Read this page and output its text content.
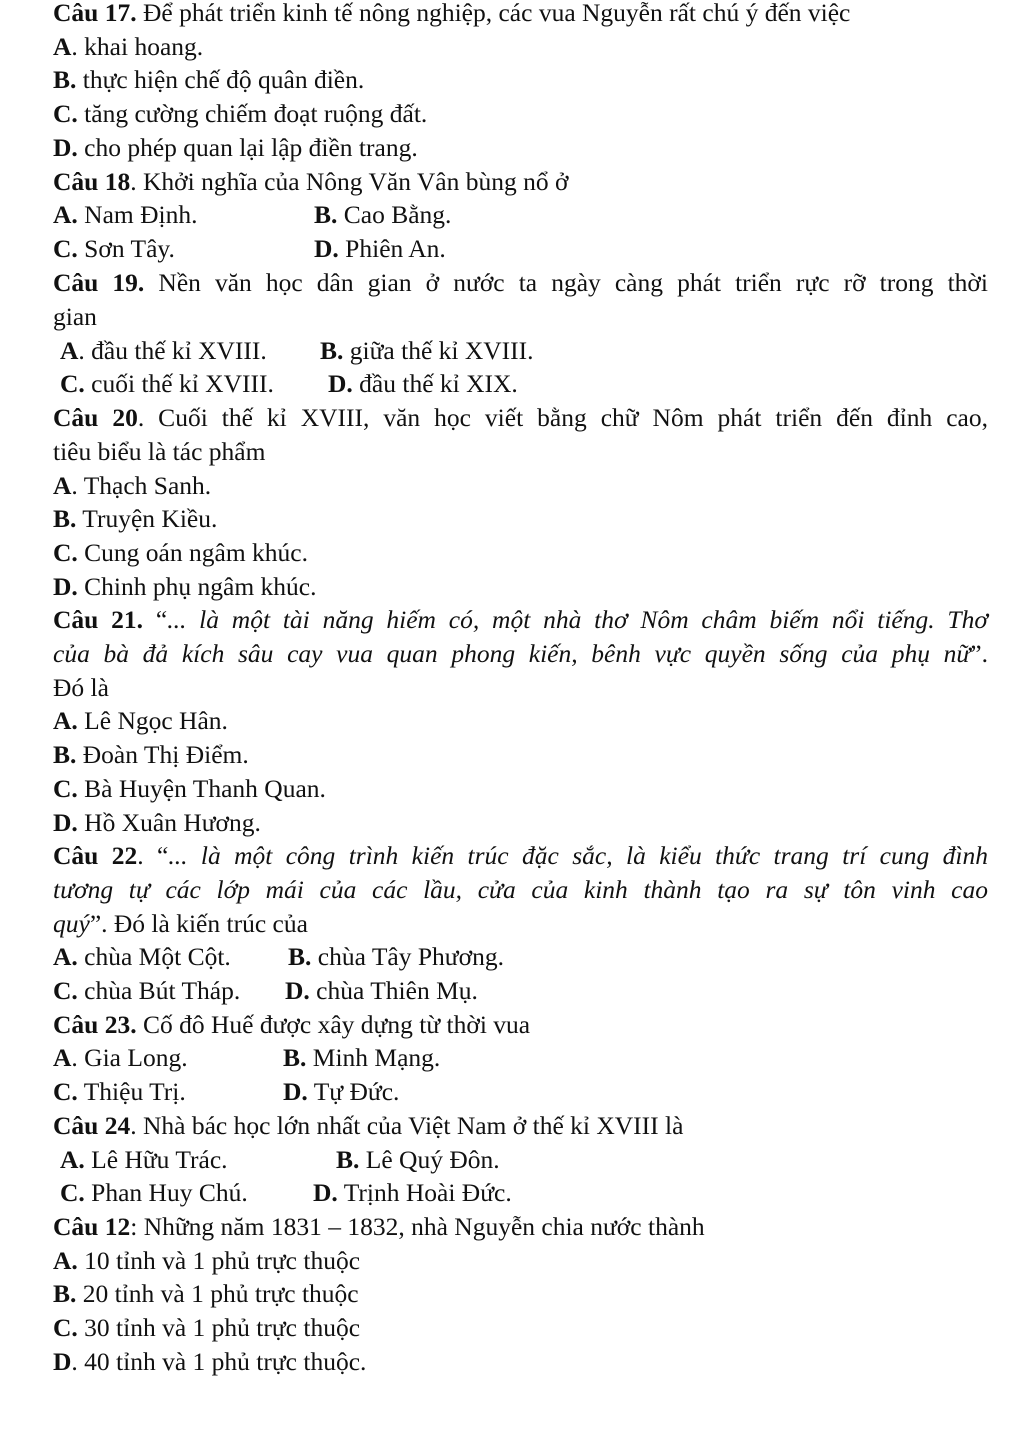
Câu 17. Để phát triển kinh tế nông nghiệp, các vua Nguyễn rất chú ý đến việc
A. khai hoang.
B. thực hiện chế độ quân điền.
C. tăng cường chiếm đoạt ruộng đất.
D. cho phép quan lại lập điền trang.
Câu 18. Khởi nghĩa của Nông Văn Vân bùng nổ ở
A. Nam Định.	B. Cao Bằng.
C. Sơn Tây.	D. Phiên An.
Câu 19. Nền văn học dân gian ở nước ta ngày càng phát triển rực rỡ trong thời
gian
A. đầu thế kỉ XVIII. B. giữa thế kỉ XVIII.
C. cuối thế kỉ XVIII. D. đầu thế kỉ XIX.
Câu 20. Cuối thế kỉ XVIII, văn học viết bằng chữ Nôm phát triển đến đỉnh cao,
tiêu biểu là tác phẩm
A. Thạch Sanh.
B. Truyện Kiều.
C. Cung oán ngâm khúc.
D. Chinh phụ ngâm khúc.
Câu 21. “... là một tài năng hiếm có, một nhà thơ Nôm châm biếm nổi tiếng. Thơ
của bà đả kích sâu cay vua quan phong kiến, bênh vực quyền sống của phụ nữ”.
Đó là
A. Lê Ngọc Hân.
B. Đoàn Thị Điểm.
C. Bà Huyện Thanh Quan.
D. Hồ Xuân Hương.
Câu 22. “... là một công trình kiến trúc đặc sắc, là kiểu thức trang trí cung đình
tương tự các lớp mái của các lầu, cửa của kinh thành tạo ra sự tôn vinh cao
quý”. Đó là kiến trúc của
A. chùa Một Cột. B. chùa Tây Phương.
C. chùa Bút Tháp. D. chùa Thiên Mụ.
Câu 23. Cố đô Huế được xây dựng từ thời vua
A. Gia Long.	B. Minh Mạng.
C. Thiệu Trị.	D. Tự Đức.
Câu 24. Nhà bác học lớn nhất của Việt Nam ở thế kỉ XVIII là
A. Lê Hữu Trác.	B. Lê Quý Đôn.
C. Phan Huy Chú.	D. Trịnh Hoài Đức.
Câu 12: Những năm 1831 – 1832, nhà Nguyễn chia nước thành
A. 10 tỉnh và 1 phủ trực thuộc
B. 20 tỉnh và 1 phủ trực thuộc
C. 30 tỉnh và 1 phủ trực thuộc
D. 40 tỉnh và 1 phủ trực thuộc.
